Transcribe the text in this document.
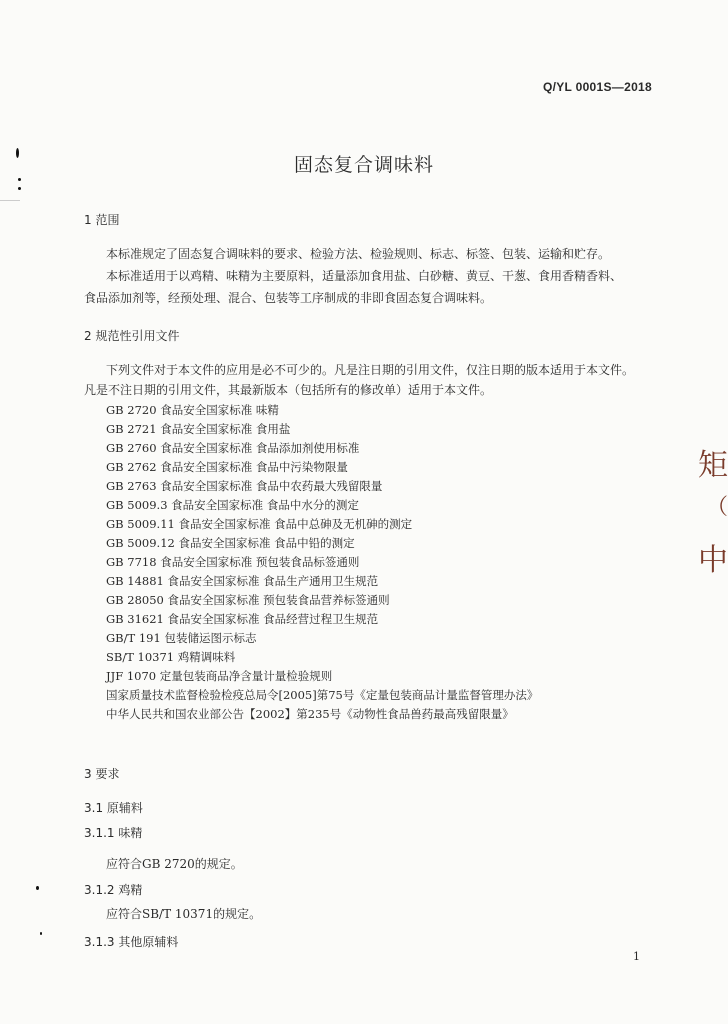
Q/YL 0001S—2018
固态复合调味料
矩
（
中
1 范围
本标准规定了固态复合调味料的要求、检验方法、检验规则、标志、标签、包装、运输和贮存。
本标准适用于以鸡精、味精为主要原料，适量添加食用盐、白砂糖、黄豆、干葱、食用香精香料、
食品添加剂等，经预处理、混合、包装等工序制成的非即食固态复合调味料。
2 规范性引用文件
下列文件对于本文件的应用是必不可少的。凡是注日期的引用文件，仅注日期的版本适用于本文件。
凡是不注日期的引用文件，其最新版本（包括所有的修改单）适用于本文件。
GB 2720 食品安全国家标准 味精
GB 2721 食品安全国家标准 食用盐
GB 2760 食品安全国家标准 食品添加剂使用标准
GB 2762 食品安全国家标准 食品中污染物限量
GB 2763 食品安全国家标准 食品中农药最大残留限量
GB 5009.3 食品安全国家标准 食品中水分的测定
GB 5009.11 食品安全国家标准 食品中总砷及无机砷的测定
GB 5009.12 食品安全国家标准 食品中铅的测定
GB 7718 食品安全国家标准 预包装食品标签通则
GB 14881 食品安全国家标准 食品生产通用卫生规范
GB 28050 食品安全国家标准 预包装食品营养标签通则
GB 31621 食品安全国家标准 食品经营过程卫生规范
GB/T 191 包装储运图示标志
SB/T 10371 鸡精调味料
JJF 1070 定量包装商品净含量计量检验规则
国家质量技术监督检验检疫总局令[2005]第75号《定量包装商品计量监督管理办法》
中华人民共和国农业部公告【2002】第235号《动物性食品兽药最高残留限量》
3 要求
3.1 原辅料
3.1.1 味精
应符合GB 2720的规定。
3.1.2 鸡精
应符合SB/T 10371的规定。
3.1.3 其他原辅料
1
